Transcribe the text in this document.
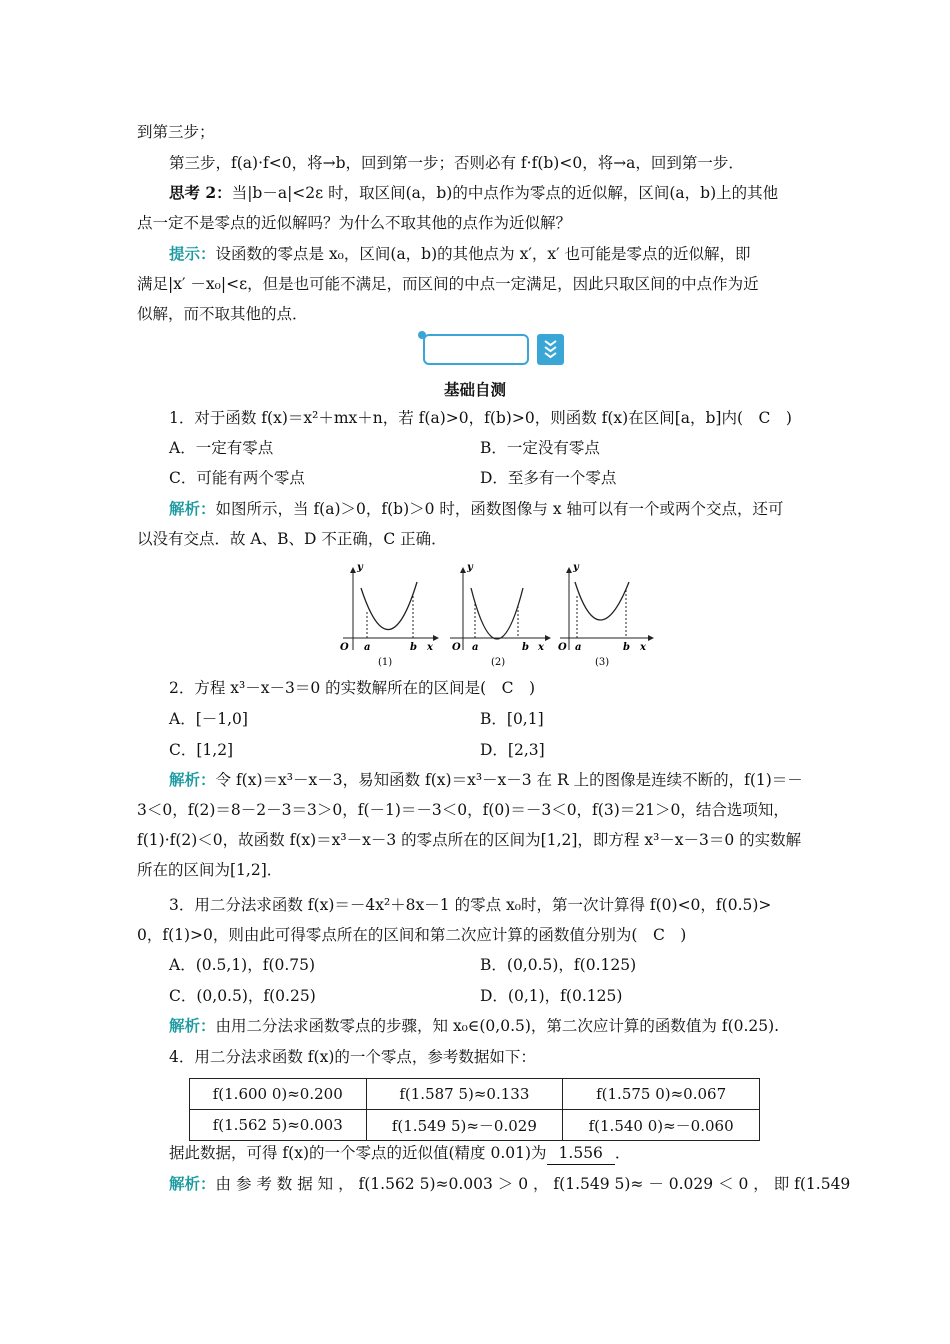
到第三步；
第三步，f(a)·f<0，将→b，回到第一步；否则必有 f·f(b)<0，将→a，回到第一步．
思考 2：当|b－a|<2ε 时，取区间(a，b)的中点作为零点的近似解，区间(a，b)上的其他
点一定不是零点的近似解吗？为什么不取其他的点作为近似解？
提示：设函数的零点是 x₀，区间(a，b)的其他点为 x′，x′ 也可能是零点的近似解，即
满足|x′ －x₀|<ε，但是也可能不满足，而区间的中点一定满足，因此只取区间的中点作为近
似解，而不取其他的点．
基础自测
1．对于函数 f(x)＝x²＋mx＋n，若 f(a)>0，f(b)>0，则函数 f(x)在区间[a，b]内(　C　)
A．一定有零点	B．一定没有零点
C．可能有两个零点	D．至多有一个零点
解析：如图所示，当 f(a)＞0，f(b)＞0 时，函数图像与 x 轴可以有一个或两个交点，还可
以没有交点．故 A、B、D 不正确，C 正确．
y
O a	b x
(1)
y
O a	b x
(2)
y
O a	b x
(3)
2．方程 x³－x－3＝0 的实数解所在的区间是(　C　)
A．[－1,0]	B．[0,1]
C．[1,2]	D．[2,3]
解析：令 f(x)＝x³－x－3，易知函数 f(x)＝x³－x－3 在 R 上的图像是连续不断的，f(1)＝－
3＜0，f(2)＝8－2－3＝3＞0，f(－1)＝－3＜0，f(0)＝－3＜0，f(3)＝21＞0，结合选项知，
f(1)·f(2)＜0，故函数 f(x)＝x³－x－3 的零点所在的区间为[1,2]，即方程 x³－x－3＝0 的实数解
所在的区间为[1,2]．
3．用二分法求函数 f(x)＝－4x²＋8x－1 的零点 x₀时，第一次计算得 f(0)<0，f(0.5)>
0，f(1)>0，则由此可得零点所在的区间和第二次应计算的函数值分别为(　C　)
A．(0.5,1)，f(0.75)	B．(0,0.5)，f(0.125)
C．(0,0.5)，f(0.25)	D．(0,1)，f(0.125)
解析：由用二分法求函数零点的步骤，知 x₀∈(0,0.5)，第二次应计算的函数值为 f(0.25).
4．用二分法求函数 f(x)的一个零点，参考数据如下：
f(1.600 0)≈0.200	f(1.587 5)≈0.133	f(1.575 0)≈0.067
f(1.562 5)≈0.003	f(1.549 5)≈－0.029	f(1.540 0)≈－0.060
据此数据，可得 f(x)的一个零点的近似值(精度 0.01)为 1.556 ．
解析：由 参 考 数 据 知 ， f(1.562 5)≈0.003 ＞ 0 ， f(1.549 5)≈ － 0.029 ＜ 0 ， 即 f(1.549
